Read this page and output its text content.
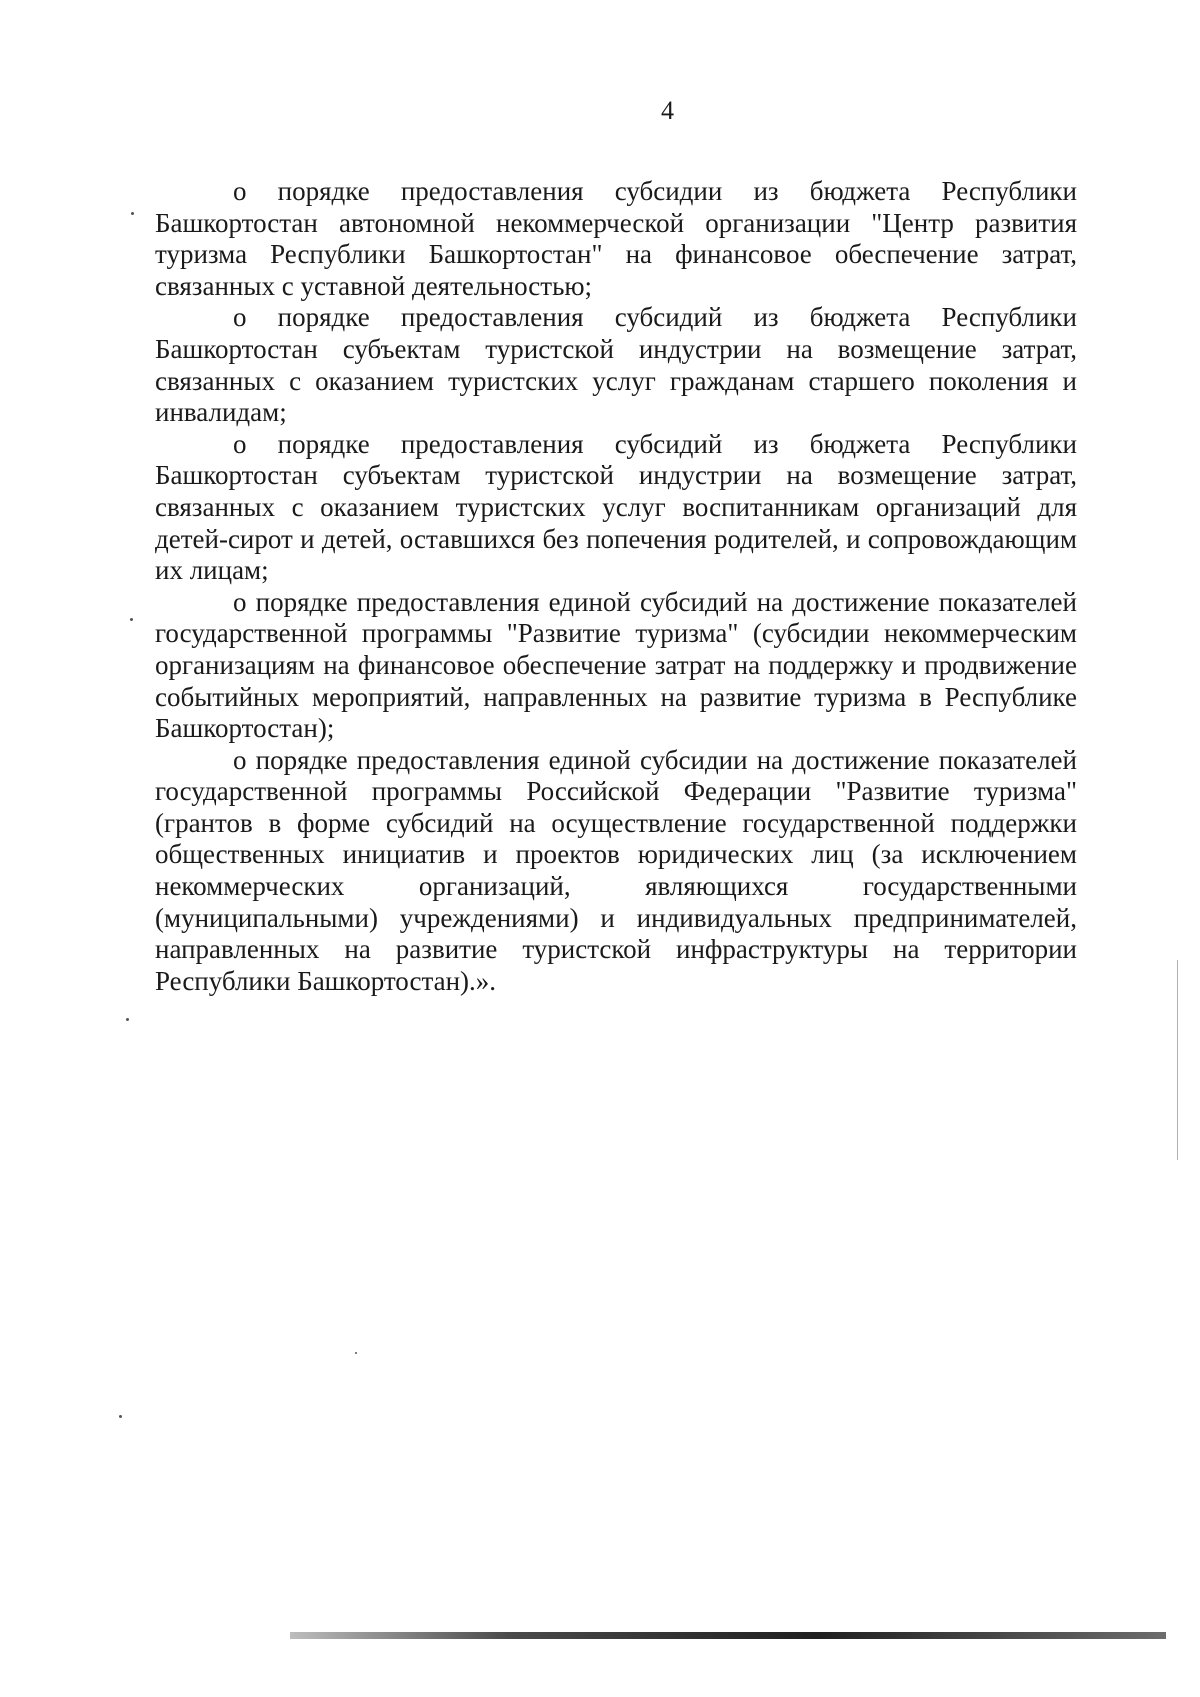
4

о порядке предоставления субсидии из бюджета Республики Башкортостан автономной некоммерческой организации "Центр развития туризма Республики Башкортостан" на финансовое обеспечение затрат, связанных с уставной деятельностью;

о порядке предоставления субсидий из бюджета Республики Башкортостан субъектам туристской индустрии на возмещение затрат, связанных с оказанием туристских услуг гражданам старшего поколения и инвалидам;

о порядке предоставления субсидий из бюджета Республики Башкортостан субъектам туристской индустрии на возмещение затрат, связанных с оказанием туристских услуг воспитанникам организаций для детей-сирот и детей, оставшихся без попечения родителей, и сопровождающим их лицам;

о порядке предоставления единой субсидий на достижение показателей государственной программы "Развитие туризма" (субсидии некоммерческим организациям на финансовое обеспечение затрат на поддержку и продвижение событийных мероприятий, направленных на развитие туризма в Республике Башкортостан);

о порядке предоставления единой субсидии на достижение показателей государственной программы Российской Федерации "Развитие туризма" (грантов в форме субсидий на осуществление государственной поддержки общественных инициатив и проектов юридических лиц (за исключением некоммерческих организаций, являющихся государственными (муниципальными) учреждениями) и индивидуальных предпринимателей, направленных на развитие туристской инфраструктуры на территории Республики Башкортостан).».
